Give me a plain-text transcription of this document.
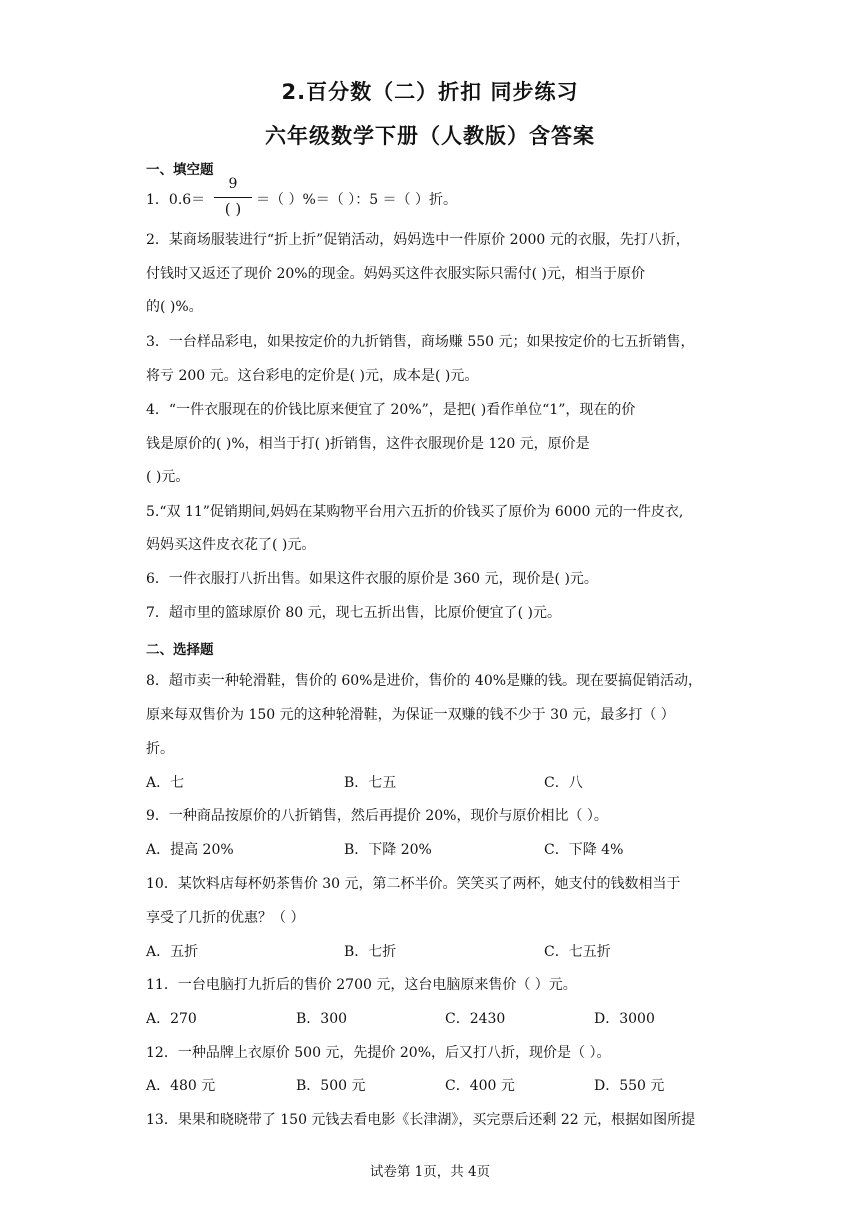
2.百分数（二）折扣 同步练习
六年级数学下册（人教版）含答案
一、填空题
1．0.6＝
9
( )	＝（ ）%＝（ ）：5 ＝（ ）折。
2．某商场服装进行“折上折”促销活动，妈妈选中一件原价 2000 元的衣服，先打八折，
付钱时又返还了现价 20%的现金。妈妈买这件衣服实际只需付( )元，相当于原价
的( )%。
3．一台样品彩电，如果按定价的九折销售，商场赚 550 元；如果按定价的七五折销售，
将亏 200 元。这台彩电的定价是( )元，成本是( )元。
4．“一件衣服现在的价钱比原来便宜了 20%”，是把( )看作单位“1”，现在的价
钱是原价的( )%，相当于打( )折销售，这件衣服现价是 120 元，原价是
( )元。
5.“双 11”促销期间,妈妈在某购物平台用六五折的价钱买了原价为 6000 元的一件皮衣,
妈妈买这件皮衣花了( )元。
6．一件衣服打八折出售。如果这件衣服的原价是 360 元，现价是( )元。
7．超市里的篮球原价 80 元，现七五折出售，比原价便宜了( )元。
二、选择题
8．超市卖一种轮滑鞋，售价的 60%是进价，售价的 40%是赚的钱。现在要搞促销活动，
原来每双售价为 150 元的这种轮滑鞋，为保证一双赚的钱不少于 30 元，最多打（ ）
折。
A．七	B．七五	C．八
9．一种商品按原价的八折销售，然后再提价 20%，现价与原价相比（ ）。
A．提高 20%	B．下降 20%	C．下降 4%
10．某饮料店每杯奶茶售价 30 元，第二杯半价。笑笑买了两杯，她支付的钱数相当于
享受了几折的优惠？（ ）
A．五折	B．七折	C．七五折
11．一台电脑打九折后的售价 2700 元，这台电脑原来售价（ ）元。
A．270	B．300	C．2430	D．3000
12．一种品牌上衣原价 500 元，先提价 20%，后又打八折，现价是（ ）。
A．480 元	B．500 元	C．400 元	D．550 元
13．果果和晓晓带了 150 元钱去看电影《长津湖》，买完票后还剩 22 元，根据如图所提
试卷第 1页，共 4页
